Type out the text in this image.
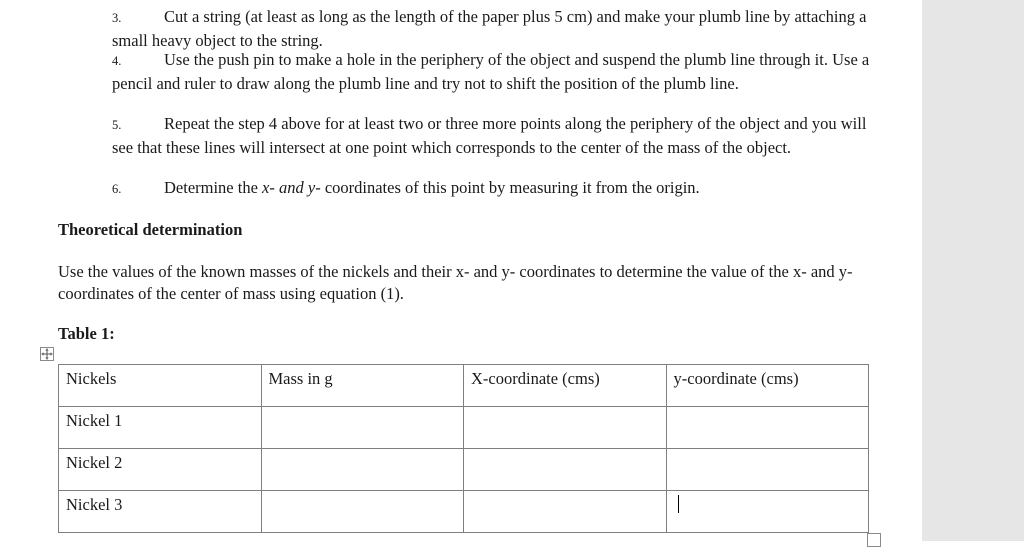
3.	Cut a string (at least as long as the length of the paper plus 5 cm) and make your plumb line by attaching a small heavy object to the string.
4.	Use the push pin to make a hole in the periphery of the object and suspend the plumb line through it. Use a pencil and ruler to draw along the plumb line and try not to shift the position of the plumb line.
5.	Repeat the step 4 above for at least two or three more points along the periphery of the object and you will see that these lines will intersect at one point which corresponds to the center of the mass of the object.
6.	Determine the x- and y- coordinates of this point by measuring it from the origin.
Theoretical determination
Use the values of the known masses of the nickels and their x- and y- coordinates to determine the value of the x- and y- coordinates of the center of mass using equation (1).
Table 1:
Nickels	Mass in g	X-coordinate (cms)	y-coordinate (cms)
Nickel 1			
Nickel 2			
Nickel 3			
